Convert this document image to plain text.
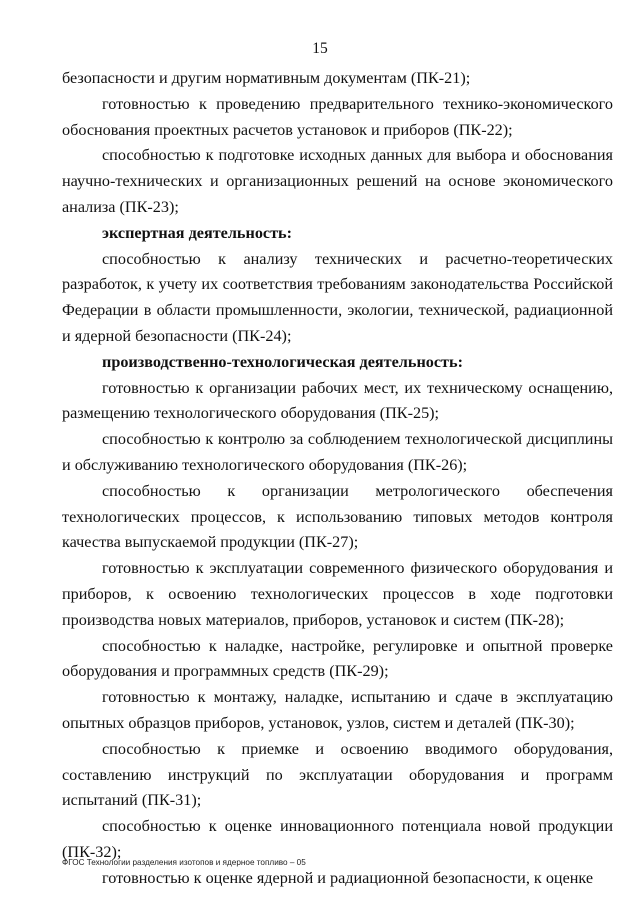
15

безопасности и другим нормативным документам (ПК-21);

готовностью к проведению предварительного технико-экономического обоснования проектных расчетов установок и приборов (ПК-22);

способностью к подготовке исходных данных для выбора и обоснования научно-технических и организационных решений на основе экономического анализа (ПК-23);

экспертная деятельность:

способностью к анализу технических и расчетно-теоретических разработок, к учету их соответствия требованиям законодательства Российской Федерации в области промышленности, экологии, технической, радиационной и ядерной безопасности (ПК-24);

производственно-технологическая деятельность:

готовностью к организации рабочих мест, их техническому оснащению, размещению технологического оборудования (ПК-25);

способностью к контролю за соблюдением технологической дисциплины и обслуживанию технологического оборудования (ПК-26);

способностью к организации метрологического обеспечения технологических процессов, к использованию типовых методов контроля качества выпускаемой продукции (ПК-27);

готовностью к эксплуатации современного физического оборудования и приборов, к освоению технологических процессов в ходе подготовки производства новых материалов, приборов, установок и систем (ПК-28);

способностью к наладке, настройке, регулировке и опытной проверке оборудования и программных средств (ПК-29);

готовностью к монтажу, наладке, испытанию и сдаче в эксплуатацию опытных образцов приборов, установок, узлов, систем и деталей (ПК-30);

способностью к приемке и освоению вводимого оборудования, составлению инструкций по эксплуатации оборудования и программ испытаний (ПК-31);

способностью к оценке инновационного потенциала новой продукции (ПК-32);

готовностью к оценке ядерной и радиационной безопасности, к оценке

ФГОС Технологии разделения изотопов и ядерное топливо – 05
